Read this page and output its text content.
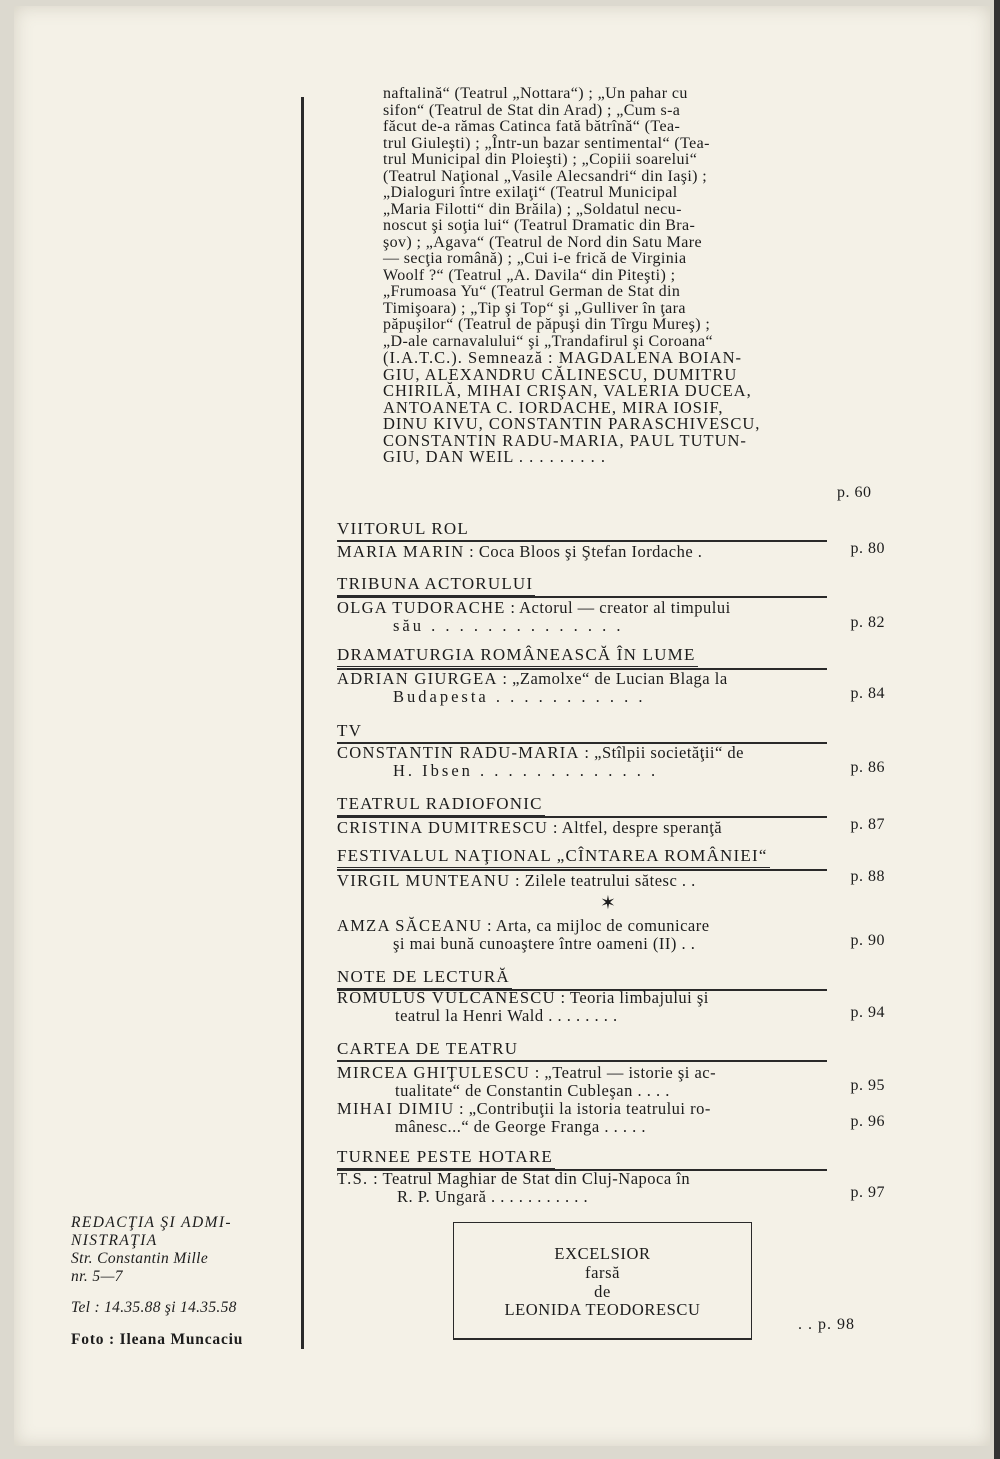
naftalină“ (Teatrul „Nottara“) ; „Un pahar cu
sifon“ (Teatrul de Stat din Arad) ; „Cum s-a
făcut de-a rămas Catinca fată bătrînă“ (Tea-
trul Giuleşti) ; „Într-un bazar sentimental“ (Tea-
trul Municipal din Ploieşti) ; „Copiii soarelui“
(Teatrul Naţional „Vasile Alecsandri“ din Iaşi) ;
„Dialoguri între exilaţi“ (Teatrul Municipal
„Maria Filotti“ din Brăila) ; „Soldatul necu-
noscut şi soţia lui“ (Teatrul Dramatic din Bra-
şov) ; „Agava“ (Teatrul de Nord din Satu Mare
— secţia română) ; „Cui i-e frică de Virginia
Woolf ?“ (Teatrul „A. Davila“ din Piteşti) ;
„Frumoasa Yu“ (Teatrul German de Stat din
Timişoara) ; „Tip şi Top“ şi „Gulliver în ţara
păpuşilor“ (Teatrul de păpuşi din Tîrgu Mureş) ;
„D-ale carnavalului“ şi „Trandafirul şi Coroana“
(I.A.T.C.). Semnează : MAGDALENA BOIAN-
GIU, ALEXANDRU CĂLINESCU, DUMITRU
CHIRILĂ, MIHAI CRIŞAN, VALERIA DUCEA,
ANTOANETA C. IORDACHE, MIRA IOSIF,
DINU KIVU, CONSTANTIN PARASCHIVESCU,
CONSTANTIN RADU-MARIA, PAUL TUTUN-
GIU, DAN WEIL . . . . . . . . .
p. 60
VIITORUL ROL
MARIA MARIN : Coca Bloos şi Ştefan Iordache .	p. 80
TRIBUNA ACTORULUI
OLGA TUDORACHE : Actorul — creator al timpului
său . . . . . . . . . . . . . .	p. 82
DRAMATURGIA ROMÂNEASCĂ ÎN LUME
ADRIAN GIURGEA : „Zamolxe“ de Lucian Blaga la
Budapesta . . . . . . . . . . .	p. 84
TV
CONSTANTIN RADU-MARIA : „Stîlpii societăţii“ de
H. Ibsen . . . . . . . . . . . . .	p. 86
TEATRUL RADIOFONIC
CRISTINA DUMITRESCU : Altfel, despre speranţă	p. 87
FESTIVALUL NAŢIONAL „CÎNTAREA ROMÂNIEI“
VIRGIL MUNTEANU : Zilele teatrului sătesc . .	p. 88
✶
AMZA SĂCEANU : Arta, ca mijloc de comunicare
şi mai bună cunoaştere între oameni (II) . .	p. 90
NOTE DE LECTURĂ
ROMULUS VULCĂNESCU : Teoria limbajului şi
teatrul la Henri Wald . . . . . . . .	p. 94
CARTEA DE TEATRU
MIRCEA GHIŢULESCU : „Teatrul — istorie şi ac-
tualitate“ de Constantin Cubleşan . . . .	p. 95
MIHAI DIMIU : „Contribuţii la istoria teatrului ro-
mânesc...“ de George Franga . . . . .	p. 96
TURNEE PESTE HOTARE
T.S. : Teatrul Maghiar de Stat din Cluj-Napoca în
R. P. Ungară . . . . . . . . . . .	p. 97
EXCELSIOR
farsă
de
LEONIDA TEODORESCU
. . p. 98
REDACŢIA ŞI ADMI-
NISTRAŢIA
Str. Constantin Mille
nr. 5—7
Tel : 14.35.88 şi 14.35.58
Foto : Ileana Muncaciu
